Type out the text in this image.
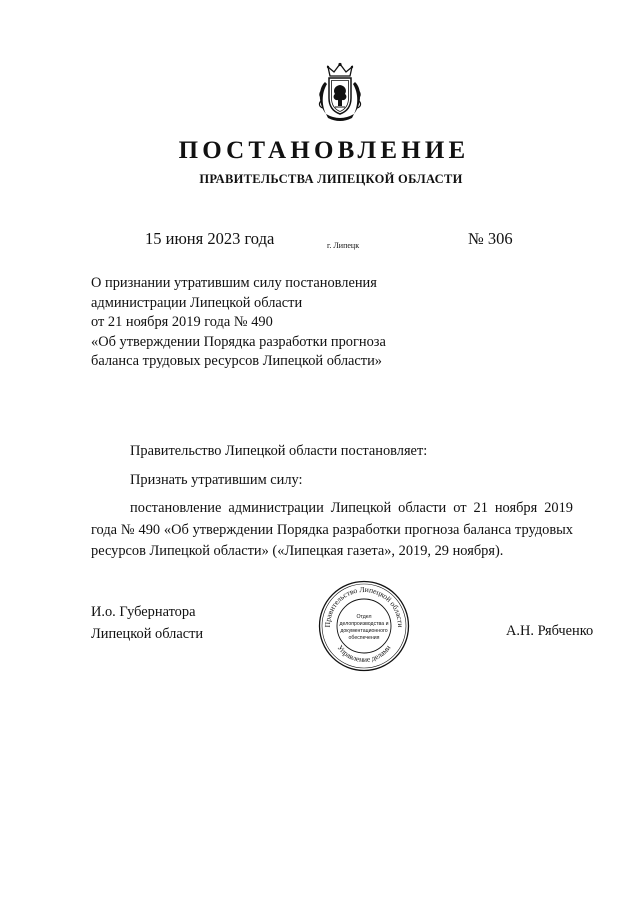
ПОСТАНОВЛЕНИЕ
ПРАВИТЕЛЬСТВА ЛИПЕЦКОЙ ОБЛАСТИ
15 июня 2023 года	г. Липецк	№ 306
О признании утратившим силу постановления
администрации Липецкой области
от 21 ноября 2019 года № 490
«Об утверждении Порядка разработки прогноза
баланса трудовых ресурсов Липецкой области»

Правительство Липецкой области постановляет:

Признать утратившим силу:

постановление администрации Липецкой области от 21 ноября 2019 года № 490 «Об утверждении Порядка разработки прогноза баланса трудовых ресурсов Липецкой области» («Липецкая газета», 2019, 29 ноября).

И.о. Губернатора
Липецкой области	А.Н. Рябченко
Правительство Липецкой области
Управление делами
Отдел
делопроизводства и
документационного
обеспечения
